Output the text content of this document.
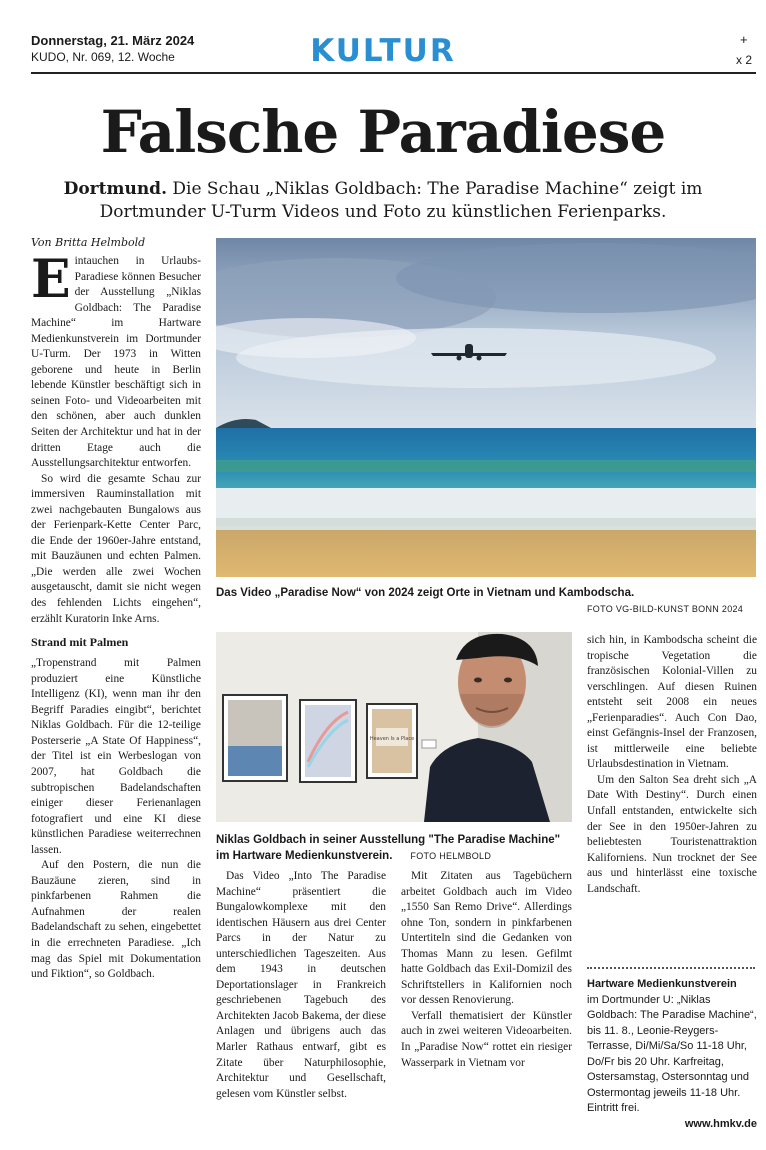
Donnerstag, 21. März 2024
KUDO, Nr. 069, 12. Woche	KULTUR	+
x 2
Falsche Paradiese
Dortmund. Die Schau „Niklas Goldbach: The Paradise Machine“ zeigt im
Dortmunder U-Turm Videos und Foto zu künstlichen Ferienparks.
Von Britta Helmbold

Eintauchen in Urlaubs-Paradiese können Besucher der Ausstellung „Niklas Goldbach: The Paradise Machine“ im Hartware Medienkunstverein im Dortmunder U-Turm. Der 1973 in Witten geborene und heute in Berlin lebende Künstler beschäftigt sich in seinen Foto- und Videoarbeiten mit den schönen, aber auch dunklen Seiten der Architektur und hat in der dritten Etage auch die Ausstellungsarchitektur entworfen.

So wird die gesamte Schau zur immersiven Rauminstallation mit zwei nachgebauten Bungalows aus der Ferienpark-Kette Center Parc, die Ende der 1960er-Jahre entstand, mit Bauzäunen und echten Palmen. „Die werden alle zwei Wochen ausgetauscht, damit sie nicht wegen des fehlenden Lichts eingehen“, erzählt Kuratorin Inke Arns.

Strand mit Palmen

„Tropenstrand mit Palmen produziert eine Künstliche Intelligenz (KI), wenn man ihr den Begriff Paradies eingibt“, berichtet Niklas Goldbach. Für die 12-teilige Posterserie „A State Of Happiness“, der Titel ist ein Werbeslogan von 2007, hat Goldbach die subtropischen Badelandschaften einiger dieser Ferienanlagen fotografiert und eine KI diese künstlichen Paradiese weiterrechnen lassen.

Auf den Postern, die nun die Bauzäune zieren, sind in pinkfarbenen Rahmen die Aufnahmen der realen Badelandschaft zu sehen, eingebettet in die errechneten Paradiese. „Ich mag das Spiel mit Dokumentation und Fiktion“, so Goldbach.

Das Video „Paradise Now“ von 2024 zeigt Orte in Vietnam und Kambodscha.
FOTO VG-BILD-KUNST BONN 2024
Heaven Is a Place
Niklas Goldbach in seiner Ausstellung "The Paradise Machine" im Hartware Medienkunstverein. FOTO HELMBOLD

Das Video „Into The Paradise Machine“ präsentiert die Bungalowkomplexe mit den identischen Häusern aus drei Center Parcs in der Natur zu unterschiedlichen Tageszeiten. Aus dem 1943 in deutschen Deportationslager in Frankreich geschriebenen Tagebuch des Architekten Jacob Bakema, der diese Anlagen und übrigens auch das Marler Rathaus entwarf, gibt es Zitate über Naturphilosophie, Architektur und Gesellschaft, gelesen vom Künstler selbst.

Mit Zitaten aus Tagebüchern arbeitet Goldbach auch im Video „1550 San Remo Drive“. Allerdings ohne Ton, sondern in pinkfarbenen Untertiteln sind die Gedanken von Thomas Mann zu lesen. Gefilmt hatte Goldbach das Exil-Domizil des Schriftstellers in Kalifornien noch vor dessen Renovierung.

Verfall thematisiert der Künstler auch in zwei weiteren Videoarbeiten. In „Paradise Now“ rottet ein riesiger Wasserpark in Vietnam vor

sich hin, in Kambodscha scheint die tropische Vegetation die französischen Kolonial-Villen zu verschlingen. Auf diesen Ruinen entsteht seit 2008 ein neues „Ferienparadies“. Auch Con Dao, einst Gefängnis-Insel der Franzosen, ist mittlerweile eine beliebte Urlaubsdestination in Vietnam.

Um den Salton Sea dreht sich „A Date With Destiny“. Durch einen Unfall entstanden, entwickelte sich der See in den 1950er-Jahren zu beliebtesten Touristenattraktion Kaliforniens. Nun trocknet der See aus und hinterlässt eine toxische Landschaft.

Hartware Medienkunstverein
im Dortmunder U: „Niklas Goldbach: The Paradise Machine“, bis 11. 8., Leonie-Reygers-Terrasse, Di/Mi/Sa/So 11-18 Uhr, Do/Fr bis 20 Uhr. Karfreitag, Ostersamstag, Ostersonntag und Ostermontag jeweils 11-18 Uhr. Eintritt frei.
www.hmkv.de
